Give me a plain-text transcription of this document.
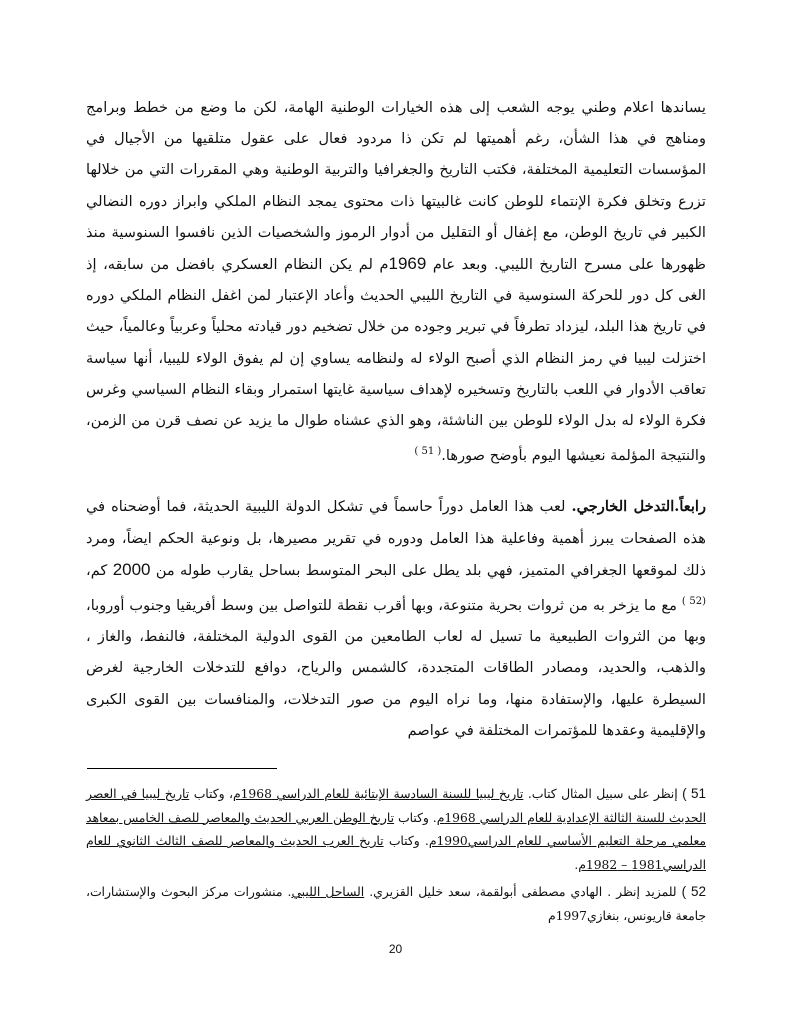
يساندها اعلام وطني يوجه الشعب إلى هذه الخيارات الوطنية الهامة، لكن ما وضع من خطط وبرامج ومناهج في هذا الشأن، رغم أهميتها لم تكن ذا مردود فعال على عقول متلقيها من الأجيال في المؤسسات التعليمية المختلفة، فكتب التاريخ والجغرافيا والتربية الوطنية وهي المقررات التي من خلالها تزرع وتخلق فكرة الإنتماء للوطن كانت غالبيتها ذات محتوى يمجد النظام الملكي وابراز دوره النضالي الكبير في تاريخ الوطن، مع إغفال أو التقليل من أدوار الرموز والشخصيات الذين نافسوا السنوسية منذ ظهورها على مسرح التاريخ الليبي. وبعد عام 1969م لم يكن النظام العسكري بافضل من سابقه، إذ الغى كل دور للحركة السنوسية في التاريخ الليبي الحديث وأعاد الإعتبار لمن اغفل النظام الملكي دوره في تاريخ هذا البلد، ليزداد تطرفاً في تبرير وجوده من خلال تضخيم دور قيادته محلياً وعربياً وعالمياً، حيث اختزلت ليبيا في رمز النظام الذي أصبح الولاء له ولنظامه يساوي إن لم يفوق الولاء لليبيا، أنها سياسة تعاقب الأدوار في اللعب بالتاريخ وتسخيره لإهداف سياسية غايتها استمرار وبقاء النظام السياسي وغرس فكرة الولاء له بدل الولاء للوطن بين الناشئة، وهو الذي عشناه طوال ما يزيد عن نصف قرن من الزمن، والنتيجة المؤلمة نعيشها اليوم بأوضح صورها.$^{( 51 )}$

رابعاً.التدخل الخارجي. لعب هذا العامل دوراً حاسماً في تشكل الدولة الليبية الحديثة، فما أوضحناه في هذه الصفحات يبرز أهمية وفاعلية هذا العامل ودوره في تقرير مصيرها، بل ونوعية الحكم ايضاً، ومرد ذلك لموقعها الجغرافي المتميز، فهي بلد يطل على البحر المتوسط بساحل يقارب طوله من 2000 كم،$^{(52 )}$ مع ما يزخر به من ثروات بحرية متنوعة، وبها أقرب نقطة للتواصل بين وسط أفريقيا وجنوب أوروبا، وبها من الثروات الطبيعية ما تسيل له لعاب الطامعين من القوى الدولية المختلفة، فالنفط، والغاز ، والذهب، والحديد، ومصادر الطاقات المتجددة، كالشمس والرياح، دوافع للتدخلات الخارجية لغرض السيطرة عليها، والإستفادة منها، وما نراه اليوم من صور التدخلات، والمنافسات بين القوى الكبرى والإقليمية وعقدها للمؤتمرات المختلفة في عواصم

51 ) إنظر على سبيل المثال كتاب. تاريخ ليبيا للسنة السادسة الإبتائية للعام الدراسي 1968م، وكتاب تاريخ ليبيا في العصر الحديث للسنة الثالثة الإعدادية للعام الدراسي 1968م. وكتاب تاريخ الوطن العربي الحديث والمعاصر للصف الخامس بمعاهد معلمي مرحلة التعليم الأساسي للعام الدراسي1990م. وكتاب تاريخ العرب الحديث والمعاصر للصف الثالث الثانوي للعام الدراسي1981 – 1982م.

52 ) للمزيد إنظر . الهادي مصطفى أبولقمة، سعد خليل القزيري. الساحل الليبي. منشورات مركز البحوث والإستشارات، جامعة قاريونس، بنغازي1997م

20
